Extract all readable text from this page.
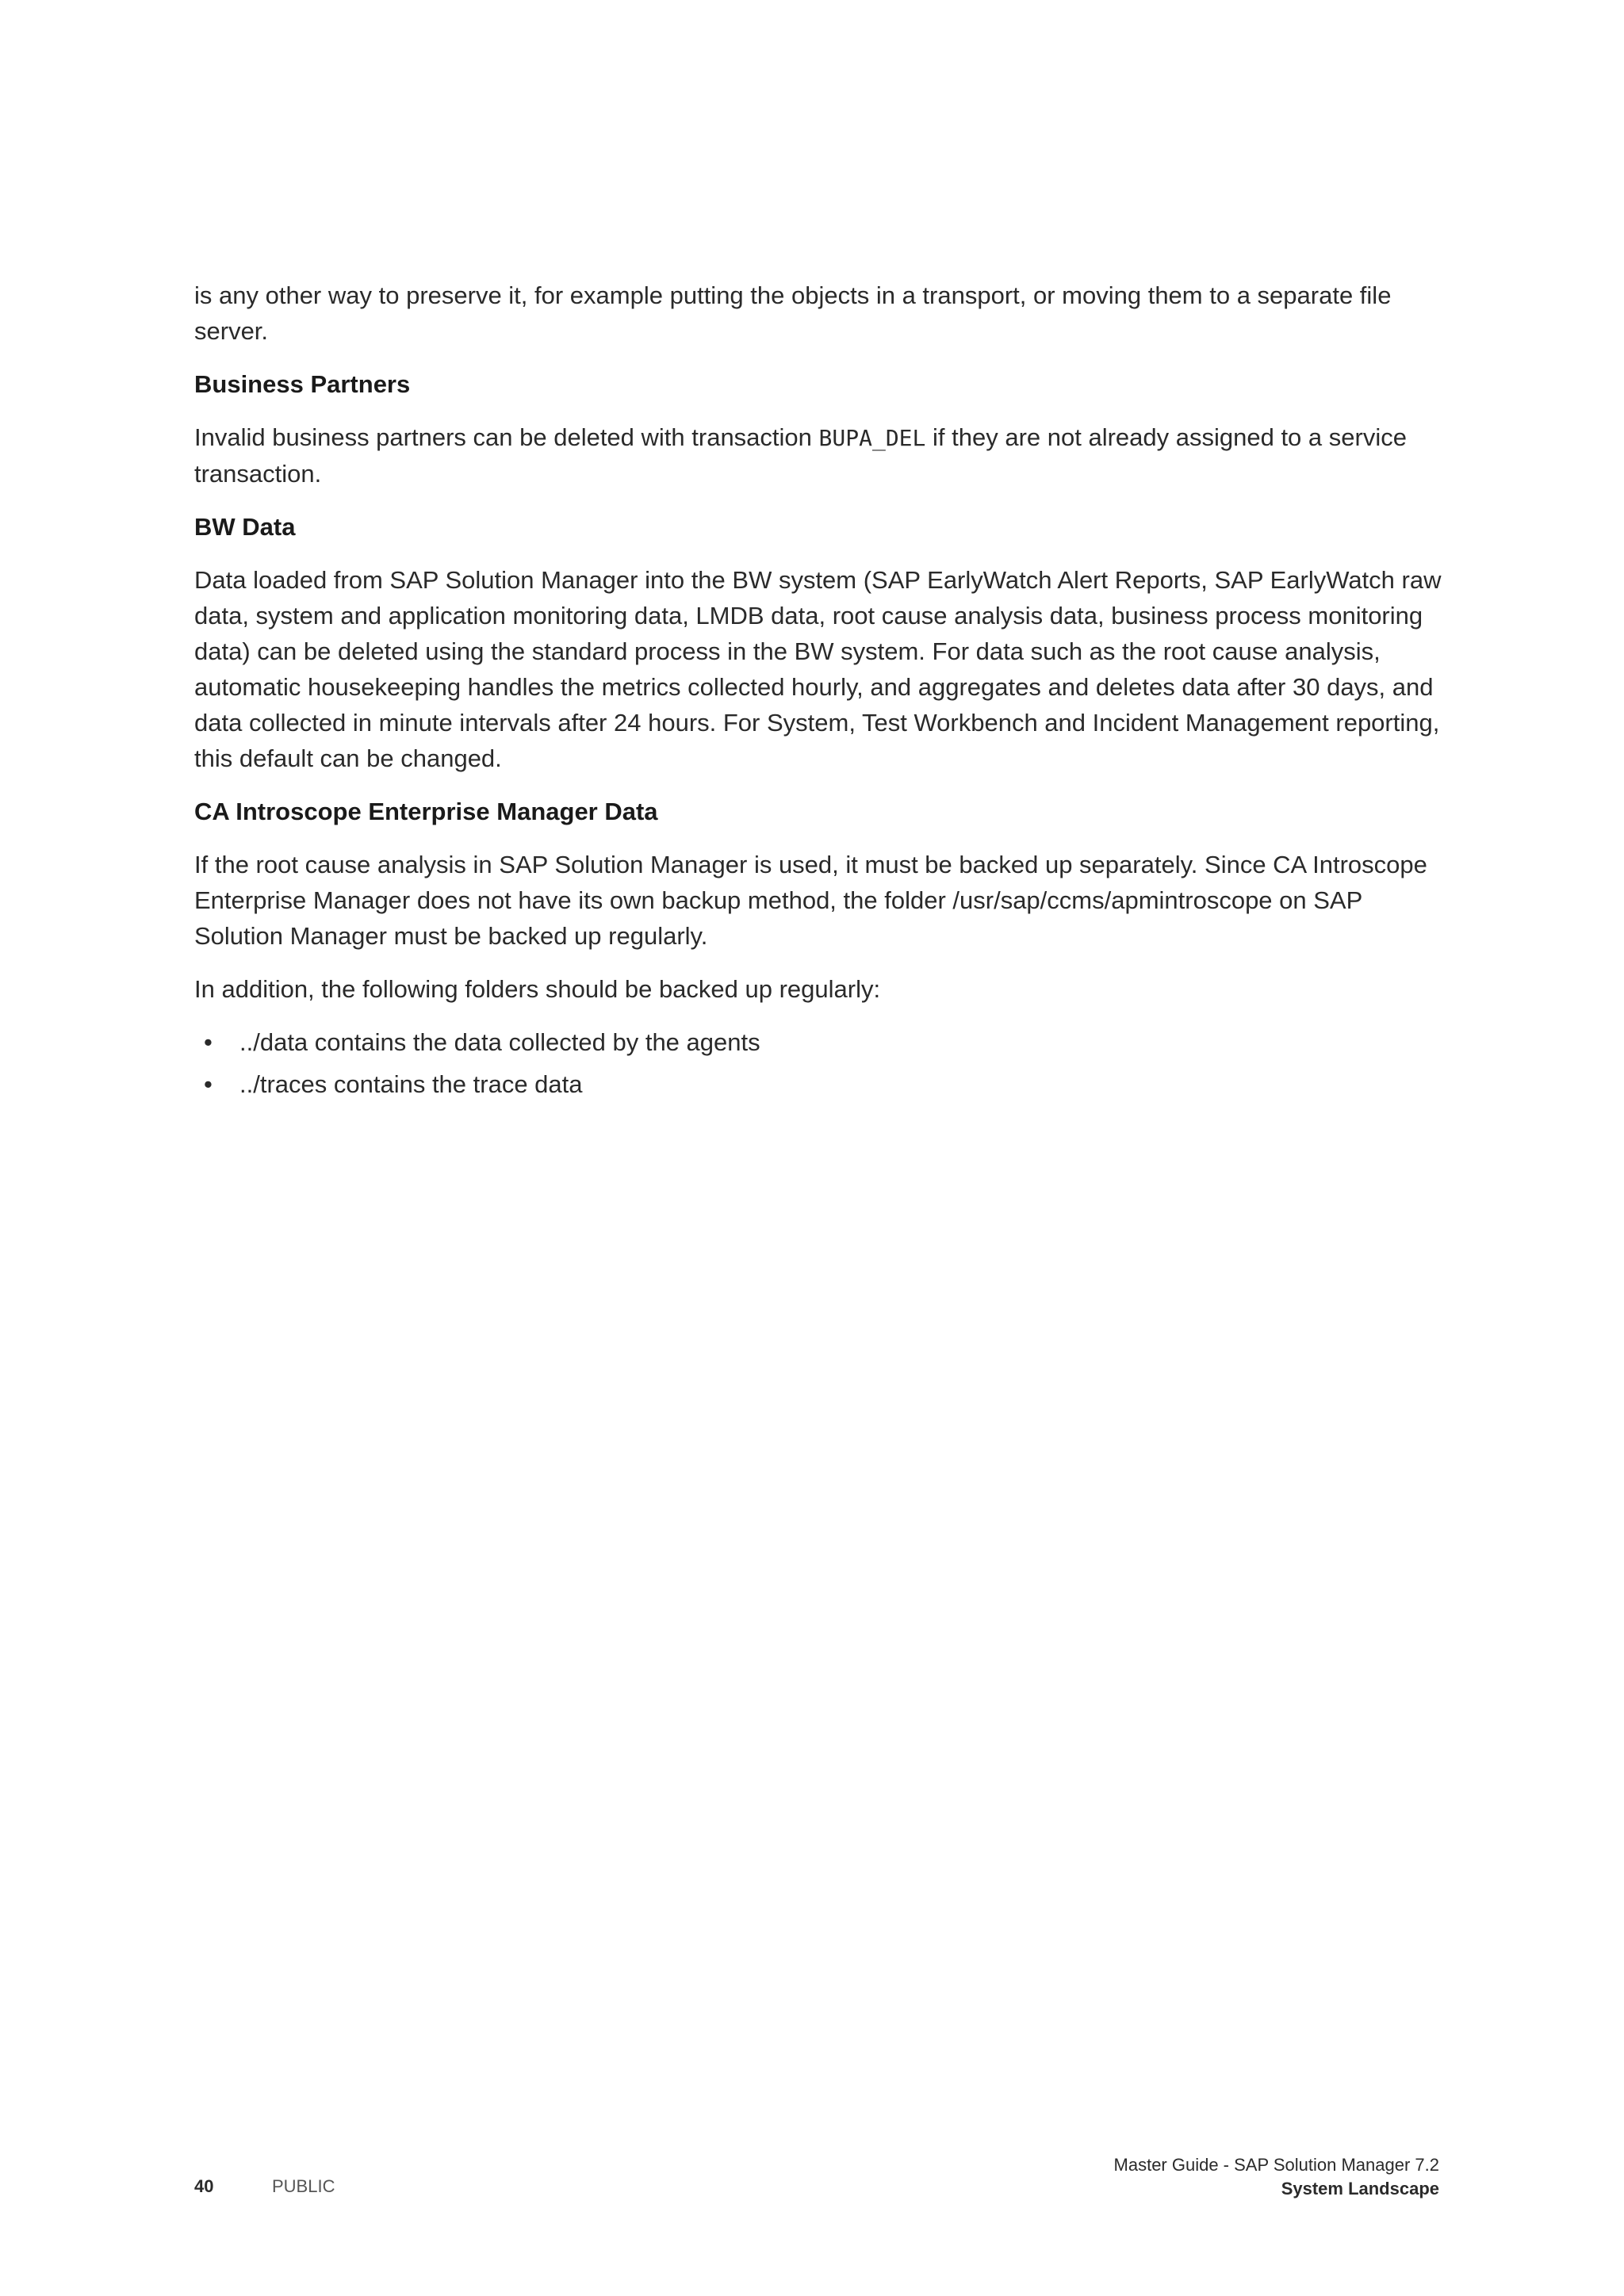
is any other way to preserve it, for example putting the objects in a transport, or moving them to a separate file server.

Business Partners

Invalid business partners can be deleted with transaction BUPA_DEL if they are not already assigned to a service transaction.

BW Data

Data loaded from SAP Solution Manager into the BW system (SAP EarlyWatch Alert Reports, SAP EarlyWatch raw data, system and application monitoring data, LMDB data, root cause analysis data, business process monitoring data) can be deleted using the standard process in the BW system. For data such as the root cause analysis, automatic housekeeping handles the metrics collected hourly, and aggregates and deletes data after 30 days, and data collected in minute intervals after 24 hours. For System, Test Workbench and Incident Management reporting, this default can be changed.

CA Introscope Enterprise Manager Data

If the root cause analysis in SAP Solution Manager is used, it must be backed up separately. Since CA Introscope Enterprise Manager does not have its own backup method, the folder /usr/sap/ccms/apmintroscope on SAP Solution Manager must be backed up regularly.

In addition, the following folders should be backed up regularly:

• ../data contains the data collected by the agents
• ../traces contains the trace data
40	PUBLIC
Master Guide - SAP Solution Manager 7.2
System Landscape
